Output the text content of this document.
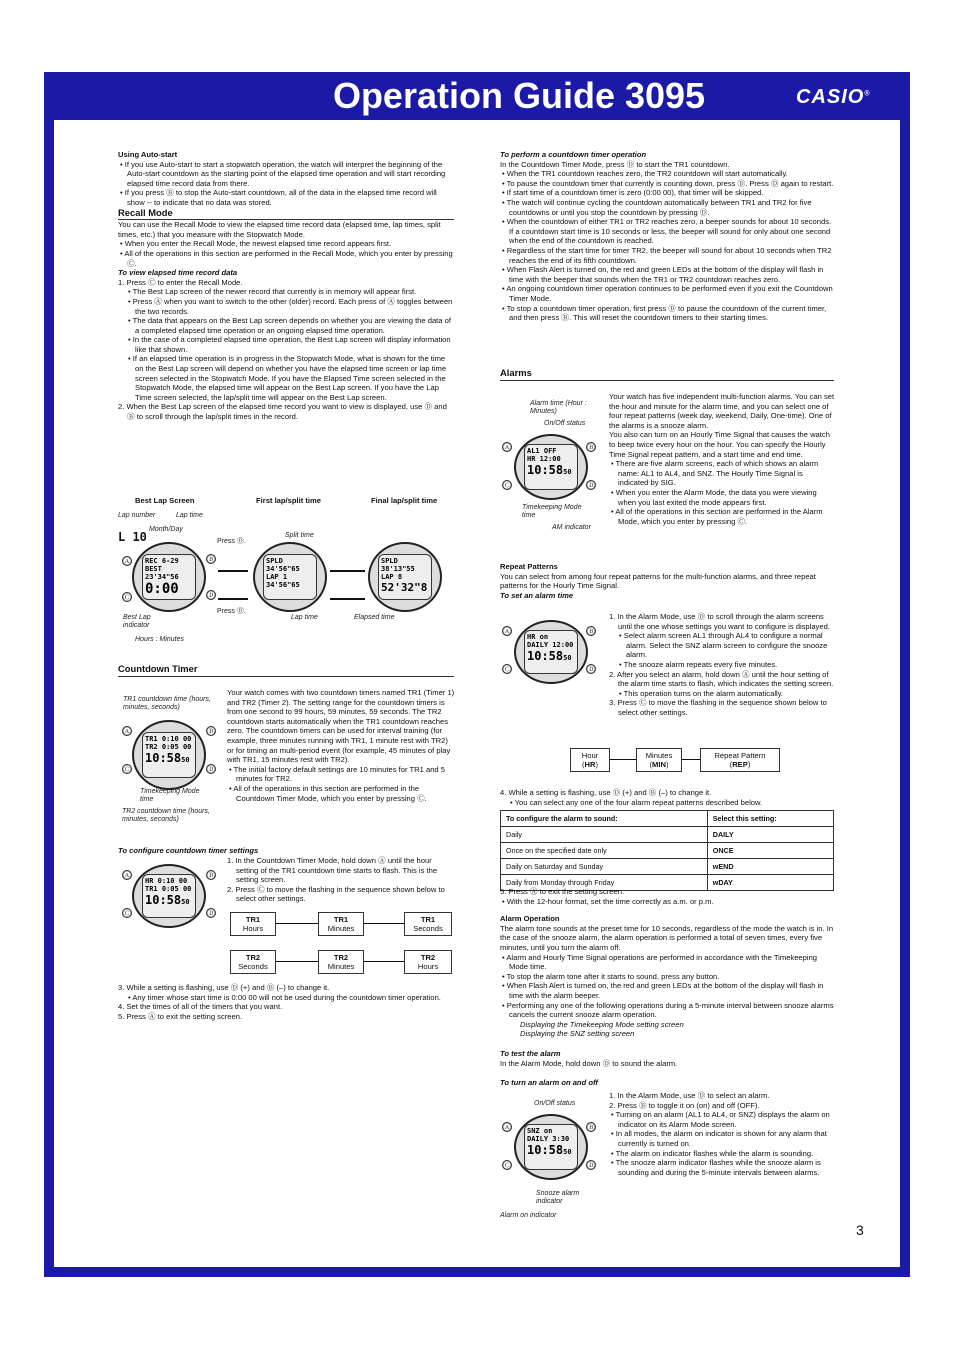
Operation Guide 3095	CASIO®

Using Auto-start

• If you use Auto-start to start a stopwatch operation, the watch will interpret the beginning of the Auto-start countdown as the starting point of the elapsed time operation and will start recording elapsed time record data from there.

• If you press Ⓑ to stop the Auto-start countdown, all of the data in the elapsed time record will show -- to indicate that no data was stored.

Recall Mode

You can use the Recall Mode to view the elapsed time record data (elapsed time, lap times, split times, etc.) that you measure with the Stopwatch Mode.

• When you enter the Recall Mode, the newest elapsed time record appears first.

• All of the operations in this section are performed in the Recall Mode, which you enter by pressing Ⓒ.

To view elapsed time record data

1. Press Ⓒ to enter the Recall Mode.

• The Best Lap screen of the newer record that currently is in memory will appear first.

• Press Ⓐ when you want to switch to the other (older) record. Each press of Ⓐ toggles between the two records.

• The data that appears on the Best Lap screen depends on whether you are viewing the data of a completed elapsed time operation or an ongoing elapsed time operation.

• In the case of a completed elapsed time operation, the Best Lap screen will display information like that shown.

• If an elapsed time operation is in progress in the Stopwatch Mode, what is shown for the time on the Best Lap screen will depend on whether you have the elapsed time screen or lap time screen selected in the Stopwatch Mode. If you have the Elapsed Time screen selected in the Stopwatch Mode, the elapsed time will appear on the Best Lap screen. If you have the Lap Time screen selected, the lap/split time will appear on the Best Lap screen.

2. When the Best Lap screen of the elapsed time record you want to view is displayed, use Ⓓ and Ⓑ to scroll through the lap/split times in the record.

Best Lap Screen	First lap/split time	Final lap/split time
Lap number	Lap time
Month/Day
L 10	Split time
REC 6-29
BEST 23'34"56
0:00
Ⓐ
Ⓒ
Press Ⓓ.
Ⓑ
Ⓓ
Press Ⓑ.
SPLD 34'56"65
LAP 1 34'56"65
SPLD 38'13"55
LAP 8
52'32"8
Best Lap indicator
Hours : Minutes
Lap time	Elapsed time

Countdown Timer

TR1 countdown time (hours, minutes, seconds)
TR1 0:10 00
TR2 0:05 00
10:5850
Ⓐ	Ⓑ
Ⓒ	Ⓓ
Timekeeping Mode time
TR2 countdown time (hours, minutes, seconds)

Your watch comes with two countdown timers named TR1 (Timer 1) and TR2 (Timer 2). The setting range for the countdown timers is from one second to 99 hours, 59 minutes, 59 seconds. The TR2 countdown starts automatically when the TR1 countdown reaches zero. The countdown timers can be used for interval training (for example, three minutes running with TR1, 1 minute rest with TR2) or for timing an multi-period event (for example, 45 minutes of play with TR1, 15 minutes rest with TR2).

• The initial factory default settings are 10 minutes for TR1 and 5 minutes for TR2.

• All of the operations in this section are performed in the Countdown Timer Mode, which you enter by pressing Ⓒ.

To configure countdown timer settings

HR 0:10 00
TR1 0:05 00
10:5850
Ⓐ	Ⓑ
Ⓒ	Ⓓ

1. In the Countdown Timer Mode, hold down Ⓐ until the hour setting of the TR1 countdown time starts to flash. This is the setting screen.

2. Press Ⓒ to move the flashing in the sequence shown below to select other settings.

TR1
Hours
TR1
Minutes
TR1
Seconds
TR2
Seconds
TR2
Minutes
TR2
Hours

3. While a setting is flashing, use Ⓓ (+) and Ⓑ (–) to change it.

• Any timer whose start time is 0:00 00 will not be used during the countdown timer operation.

4. Set the times of all of the timers that you want.

5. Press Ⓐ to exit the setting screen.

To perform a countdown timer operation

In the Countdown Timer Mode, press Ⓓ to start the TR1 countdown.

• When the TR1 countdown reaches zero, the TR2 countdown will start automatically.

• To pause the countdown timer that currently is counting down, press Ⓓ. Press Ⓓ again to restart.

• If start time of a countdown timer is zero (0:00 00), that timer will be skipped.

• The watch will continue cycling the countdown automatically between TR1 and TR2 for five countdowns or until you stop the countdown by pressing Ⓓ.

• When the countdown of either TR1 or TR2 reaches zero, a beeper sounds for about 10 seconds. If a countdown start time is 10 seconds or less, the beeper will sound for only about one second when the end of the countdown is reached.

• Regardless of the start time for timer TR2, the beeper will sound for about 10 seconds when TR2 reaches the end of its fifth countdown.

• When Flash Alert is turned on, the red and green LEDs at the bottom of the display will flash in time with the beeper that sounds when the TR1 or TR2 countdown reaches zero.

• An ongoing countdown timer operation continues to be performed even if you exit the Countdown Timer Mode.

• To stop a countdown timer operation, first press Ⓓ to pause the countdown of the current timer, and then press Ⓑ. This will reset the countdown timers to their starting times.

Alarms

Alarm time (Hour : Minutes)
On/Off status
AL1 OFF
HR 12:00
10:5850
Ⓐ	Ⓑ
Ⓒ	Ⓓ
Timekeeping Mode time
AM indicator

Your watch has five independent multi-function alarms. You can set the hour and minute for the alarm time, and you can select one of four repeat patterns (week day, weekend, Daily, One-time). One of the alarms is a snooze alarm.

You also can turn on an Hourly Time Signal that causes the watch to beep twice every hour on the hour. You can specify the Hourly Time Signal repeat pattern, and a start time and end time.

• There are five alarm screens, each of which shows an alarm name: AL1 to AL4, and SNZ. The Hourly Time Signal is indicated by SIG.

• When you enter the Alarm Mode, the data you were viewing when you last exited the mode appears first.

• All of the operations in this section are performed in the Alarm Mode, which you enter by pressing Ⓒ.

Repeat Patterns

You can select from among four repeat patterns for the multi-function alarms, and three repeat patterns for the Hourly Time Signal.

To set an alarm time

HR on
DAILY 12:00
10:5850
Ⓐ	Ⓑ
Ⓒ	Ⓓ

1. In the Alarm Mode, use Ⓓ to scroll through the alarm screens until the one whose settings you want to configure is displayed.

• Select alarm screen AL1 through AL4 to configure a normal alarm. Select the SNZ alarm screen to configure the snooze alarm.

• The snooze alarm repeats every five minutes.

2. After you select an alarm, hold down Ⓐ until the hour setting of the alarm time starts to flash, which indicates the setting screen.

• This operation turns on the alarm automatically.

3. Press Ⓒ to move the flashing in the sequence shown below to select other settings.

Hour
(HR)
Minutes
(MIN)
Repeat Pattern
(REP)

4. While a setting is flashing, use Ⓓ (+) and Ⓑ (–) to change it.

• You can select any one of the four alarm repeat patterns described below.

To configure the alarm to sound:	Select this setting:
Daily	DAILY
Once on the specified date only	ONCE
Daily on Saturday and Sunday	wEND
Daily from Monday through Friday	wDAY

5. Press Ⓐ to exit the setting screen.

• With the 12-hour format, set the time correctly as a.m. or p.m.

Alarm Operation

The alarm tone sounds at the preset time for 10 seconds, regardless of the mode the watch is in. In the case of the snooze alarm, the alarm operation is performed a total of seven times, every five minutes, until you turn the alarm off.

• Alarm and Hourly Time Signal operations are performed in accordance with the Timekeeping Mode time.

• To stop the alarm tone after it starts to sound, press any button.

• When Flash Alert is turned on, the red and green LEDs at the bottom of the display will flash in time with the alarm beeper.

• Performing any one of the following operations during a 5-minute interval between snooze alarms cancels the current snooze alarm operation.

Displaying the Timekeeping Mode setting screen

Displaying the SNZ setting screen

To test the alarm

In the Alarm Mode, hold down Ⓓ to sound the alarm.

To turn an alarm on and off

On/Off status
SNZ on
DAILY 3:30
10:5850
Ⓐ	Ⓑ
Ⓒ	Ⓓ
Snooze alarm indicator
Alarm on indicator

1. In the Alarm Mode, use Ⓓ to select an alarm.

2. Press Ⓑ to toggle it on (on) and off (OFF).

• Turning on an alarm (AL1 to AL4, or SNZ) displays the alarm on indicator on its Alarm Mode screen.

• In all modes, the alarm on indicator is shown for any alarm that currently is turned on.

• The alarm on indicator flashes while the alarm is sounding.

• The snooze alarm indicator flashes while the snooze alarm is sounding and during the 5-minute intervals between alarms.

3
